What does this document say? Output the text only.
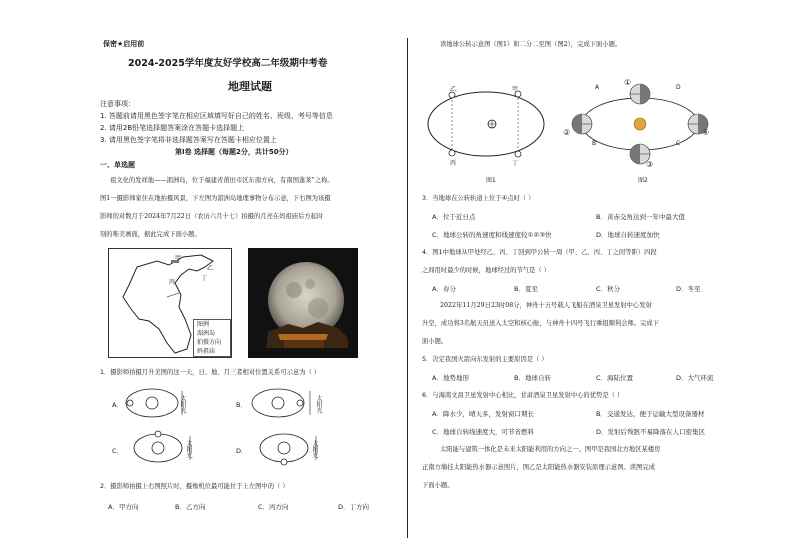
保密★启用前
2024-2025学年度友好学校高二年级期中考卷
地理试题
注意事项：
1. 答题前请用黑色签字笔在相应区域填写好自己的姓名、班级、考号等信息
2. 请用2B铅笔选择题答案涂在答题卡选择题上
3. 请用黑色签字笔将非选择题答案写在答题卡相应位置上
第Ⅰ卷 选择题（每题2分，共计50分）
一、单选题
祖文化的发祥地——湄洲岛，位于福建省莆田市区东南方向，有南国蓬莱”之称。
图1一摄影师家住在地拍摄风景，下左图为湄洲岛地理事物分布示意，下右图为该摄
影师的对数月于2024年7月22日（农历六月十七）拍摄的月亮在妈祖庙后方起时
刻的唯美画面，据此完成下面小题。
甲
乙
丙
丁
图例
湄洲岛
拍摄方向
妈祖庙
1．摄影师拍摄月升美图的这一天，日、地、月三者相对位置关系可示意为（ ）
A．	太阳光	B．	太阳光
C．	太阳光	D．	太阳光
2．摄影师拍摄上右图照片时，摄像机位最可能位于上左图中的（ ）
A．甲方向	B．乙方向	C．丙方向	D．丁方向
读地球公转示意图（图1）和二分二至图（图2），完成下面小题。
乙	甲
丙	丁
图1
A
B	C
D
①
②
③
④
图2
3．当地球在公转轨道上位于④点时（ ）
A．位于近日点	B．黄赤交角达到一年中最大值
C．地球公转的角速度和线速度较①②③快	D．地球自转速度加快
4．图1中地球从甲处经乙、丙、丁回到甲公转一周（甲、乙、丙、丁之间等距）四段
之间用时最少的时候，地球经过的节气是（ ）
A．春分	B．夏至	C．秋分	D．冬至
2022年11月29日23时08分，神舟十五号载人飞船在酒泉卫星发射中心发射
升空，成功将3名航天员送入太空和核心舱，与神舟十四号飞行乘组顺利会师。完成下
面小题。
5．决定我国火箭向东发射的主要原因是（ ）
A．地势地形	B．地球自转	C．海陆位置	D．大气环流
6．与海南文昌卫星发射中心相比，甘肃酒泉卫星发射中心的优势是（ ）
A．降水少，晴天多，发射窗口期长	B．交通发达，便于运输大型设备器材
C．地球自转线速度大，可节省燃料	D．发射后残骸不易降落在人口密集区
太阳能与建筑一体化是未来太阳能利用的方向之一。图甲是我国北方地区某楼房
正南方墙挂太阳能热水器示意照片，图乙是太阳能热水器安装原理示意图。读图完成
下面小题。
